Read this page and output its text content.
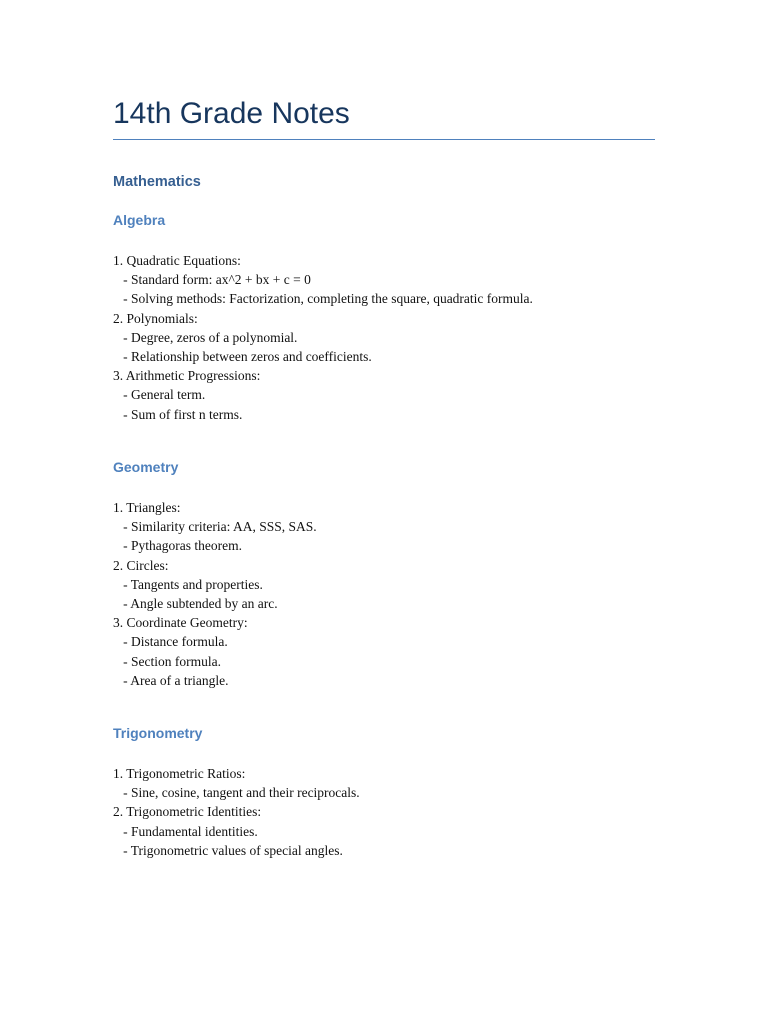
14th Grade Notes
Mathematics
Algebra
1. Quadratic Equations:
- Standard form: ax^2 + bx + c = 0
- Solving methods: Factorization, completing the square, quadratic formula.
2. Polynomials:
- Degree, zeros of a polynomial.
- Relationship between zeros and coefficients.
3. Arithmetic Progressions:
- General term.
- Sum of first n terms.
Geometry
1. Triangles:
- Similarity criteria: AA, SSS, SAS.
- Pythagoras theorem.
2. Circles:
- Tangents and properties.
- Angle subtended by an arc.
3. Coordinate Geometry:
- Distance formula.
- Section formula.
- Area of a triangle.
Trigonometry
1. Trigonometric Ratios:
- Sine, cosine, tangent and their reciprocals.
2. Trigonometric Identities:
- Fundamental identities.
- Trigonometric values of special angles.
